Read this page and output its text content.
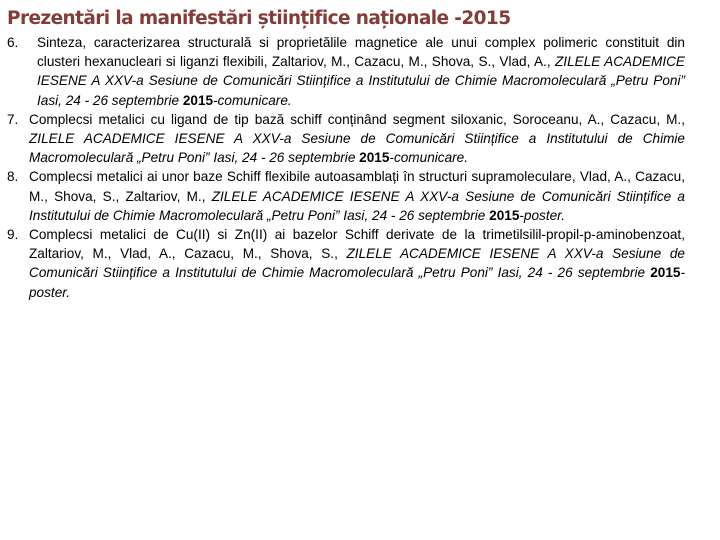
Prezentări la manifestări științifice naționale -2015

6. Sinteza, caracterizarea structurală si proprietălile magnetice ale unui complex polimeric constituit din clusteri hexanucleari si liganzi flexibili, Zaltariov, M., Cazacu, M., Shova, S., Vlad, A., ZILELE ACADEMICE IESENE A XXV-a Sesiune de Comunicări Stiințifice a Institutului de Chimie Macromoleculară „Petru Poni” Iasi, 24 - 26 septembrie 2015-comunicare.

7. Complecsi metalici cu ligand de tip bază schiff conținând segment siloxanic, Soroceanu, A., Cazacu, M., ZILELE ACADEMICE IESENE A XXV-a Sesiune de Comunicări Stiințifice a Institutului de Chimie Macromoleculară „Petru Poni” Iasi, 24 - 26 septembrie 2015-comunicare.

8. Complecsi metalici ai unor baze Schiff flexibile autoasamblați în structuri supramoleculare, Vlad, A., Cazacu, M., Shova, S., Zaltariov, M., ZILELE ACADEMICE IESENE A XXV-a Sesiune de Comunicări Stiințifice a Institutului de Chimie Macromoleculară „Petru Poni” Iasi, 24 - 26 septembrie 2015-poster.

9. Complecsi metalici de Cu(II) si Zn(II) ai bazelor Schiff derivate de la trimetilsilil-propil-p-aminobenzoat, Zaltariov, M., Vlad, A., Cazacu, M., Shova, S., ZILELE ACADEMICE IESENE A XXV-a Sesiune de Comunicări Stiințifice a Institutului de Chimie Macromoleculară „Petru Poni” Iasi, 24 - 26 septembrie 2015-poster.
